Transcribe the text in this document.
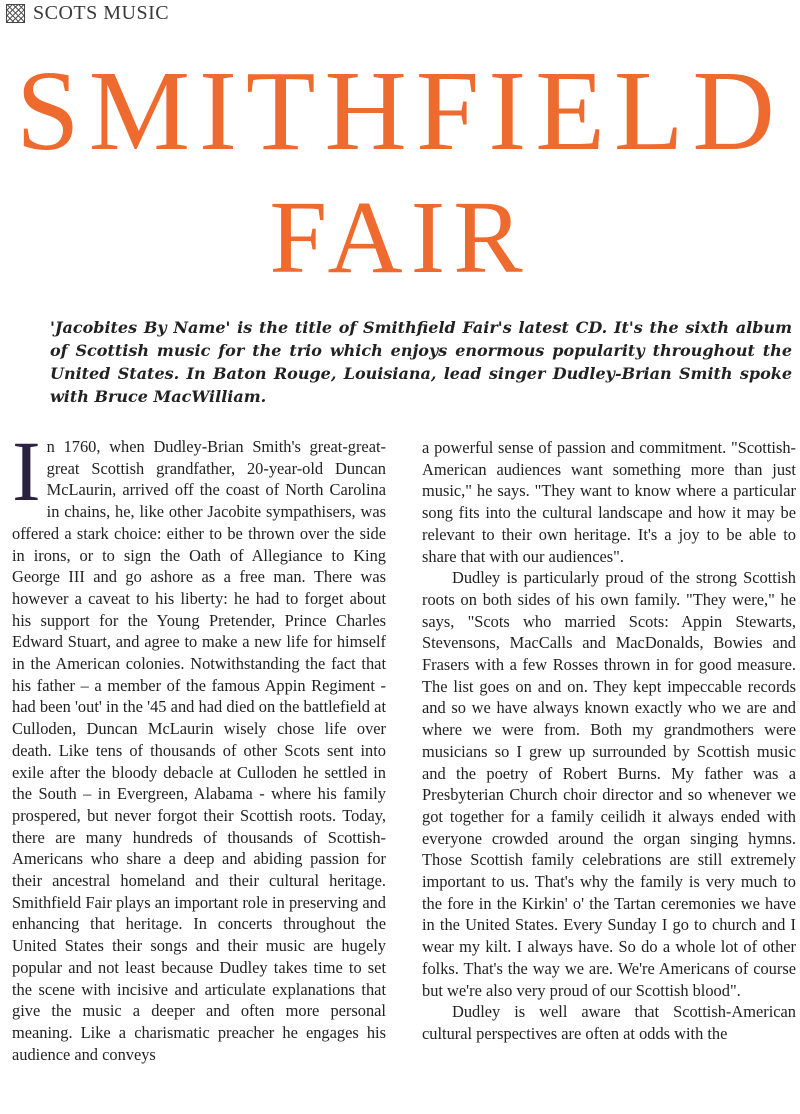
SCOTS MUSIC
SMITHFIELD
FAIR

'Jacobites By Name' is the title of Smithfield Fair's latest CD. It's the sixth album of Scottish music for the trio which enjoys enormous popularity throughout the United States. In Baton Rouge, Louisiana, lead singer Dudley-Brian Smith spoke with Bruce MacWilliam.

In 1760, when Dudley-Brian Smith's great-great-great Scottish grandfather, 20-year-old Duncan McLaurin, arrived off the coast of North Carolina in chains, he, like other Jacobite sympathisers, was offered a stark choice: either to be thrown over the side in irons, or to sign the Oath of Allegiance to King George III and go ashore as a free man. There was however a caveat to his liberty: he had to forget about his support for the Young Pretender, Prince Charles Edward Stuart, and agree to make a new life for himself in the American colonies. Notwithstanding the fact that his father – a member of the famous Appin Regiment - had been 'out' in the '45 and had died on the battlefield at Culloden, Duncan McLaurin wisely chose life over death. Like tens of thousands of other Scots sent into exile after the bloody debacle at Culloden he settled in the South – in Evergreen, Alabama - where his family prospered, but never forgot their Scottish roots. Today, there are many hundreds of thousands of Scottish-Americans who share a deep and abiding passion for their ancestral homeland and their cultural heritage. Smithfield Fair plays an important role in preserving and enhancing that heritage. In concerts throughout the United States their songs and their music are hugely popular and not least because Dudley takes time to set the scene with incisive and articulate explanations that give the music a deeper and often more personal meaning. Like a charismatic preacher he engages his audience and conveys

a powerful sense of passion and commitment. "Scottish-American audiences want something more than just music," he says. "They want to know where a particular song fits into the cultural landscape and how it may be relevant to their own heritage. It's a joy to be able to share that with our audiences".

Dudley is particularly proud of the strong Scottish roots on both sides of his own family. "They were," he says, "Scots who married Scots: Appin Stewarts, Stevensons, MacCalls and MacDonalds, Bowies and Frasers with a few Rosses thrown in for good measure. The list goes on and on. They kept impeccable records and so we have always known exactly who we are and where we were from. Both my grandmothers were musicians so I grew up surrounded by Scottish music and the poetry of Robert Burns. My father was a Presbyterian Church choir director and so whenever we got together for a family ceilidh it always ended with everyone crowded around the organ singing hymns. Those Scottish family celebrations are still extremely important to us. That's why the family is very much to the fore in the Kirkin' o' the Tartan ceremonies we have in the United States. Every Sunday I go to church and I wear my kilt. I always have. So do a whole lot of other folks. That's the way we are. We're Americans of course but we're also very proud of our Scottish blood".

Dudley is well aware that Scottish-American cultural perspectives are often at odds with the
